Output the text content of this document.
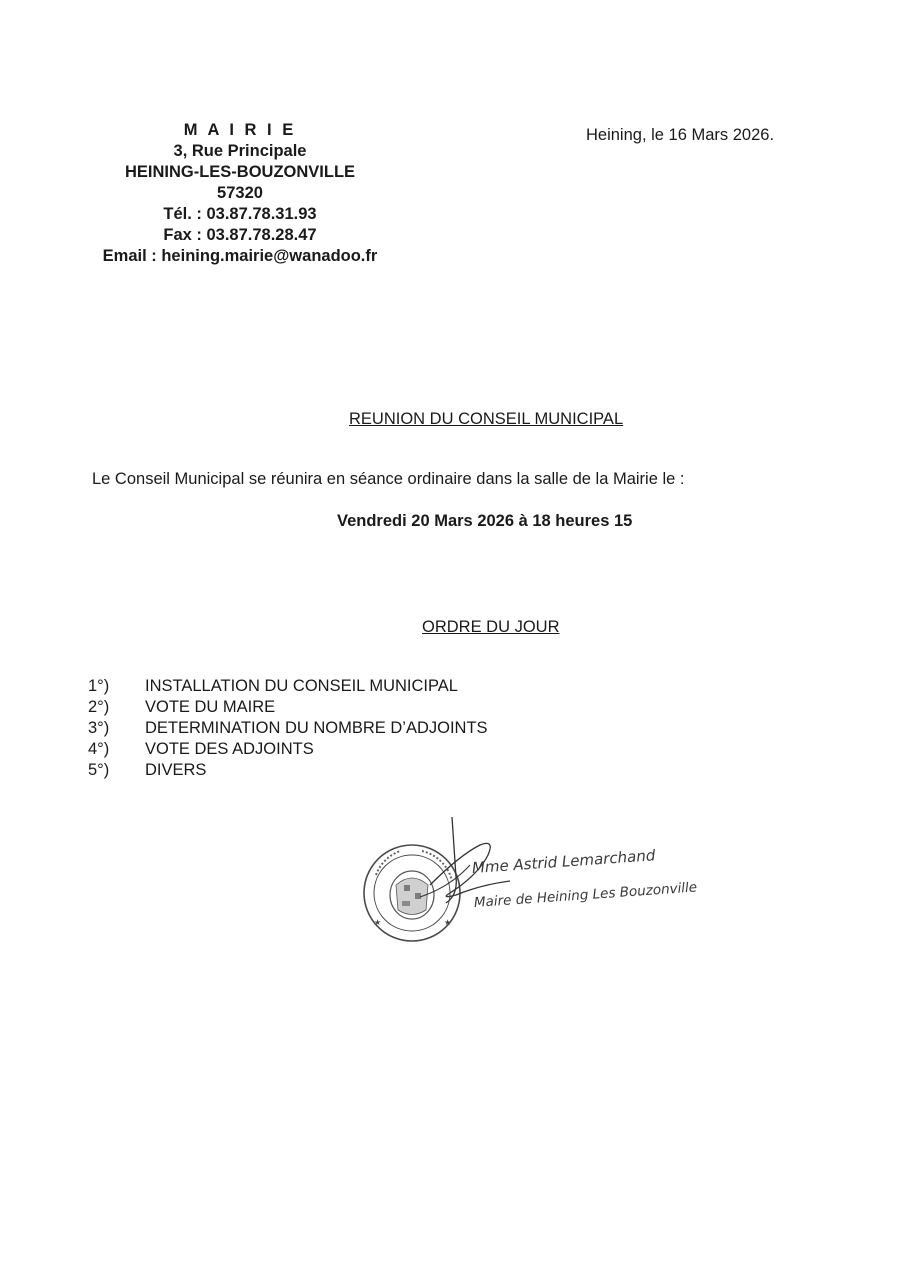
M A I R I E
3, Rue Principale
HEINING-LES-BOUZONVILLE
57320
Tél. : 03.87.78.31.93
Fax : 03.87.78.28.47
Email : heining.mairie@wanadoo.fr
Heining, le 16 Mars 2026.
REUNION DU CONSEIL MUNICIPAL
Le Conseil Municipal se réunira en séance ordinaire dans la salle de la Mairie le :
Vendredi 20 Mars 2026 à 18 heures 15
ORDRE DU JOUR
1°)	INSTALLATION DU CONSEIL MUNICIPAL
2°)	VOTE DU MAIRE
3°)	DETERMINATION DU NOMBRE D’ADJOINTS
4°)	VOTE DES ADJOINTS
5°)	DIVERS
★	★
Mme Astrid Lemarchand
Maire de Heining Les Bouzonville
